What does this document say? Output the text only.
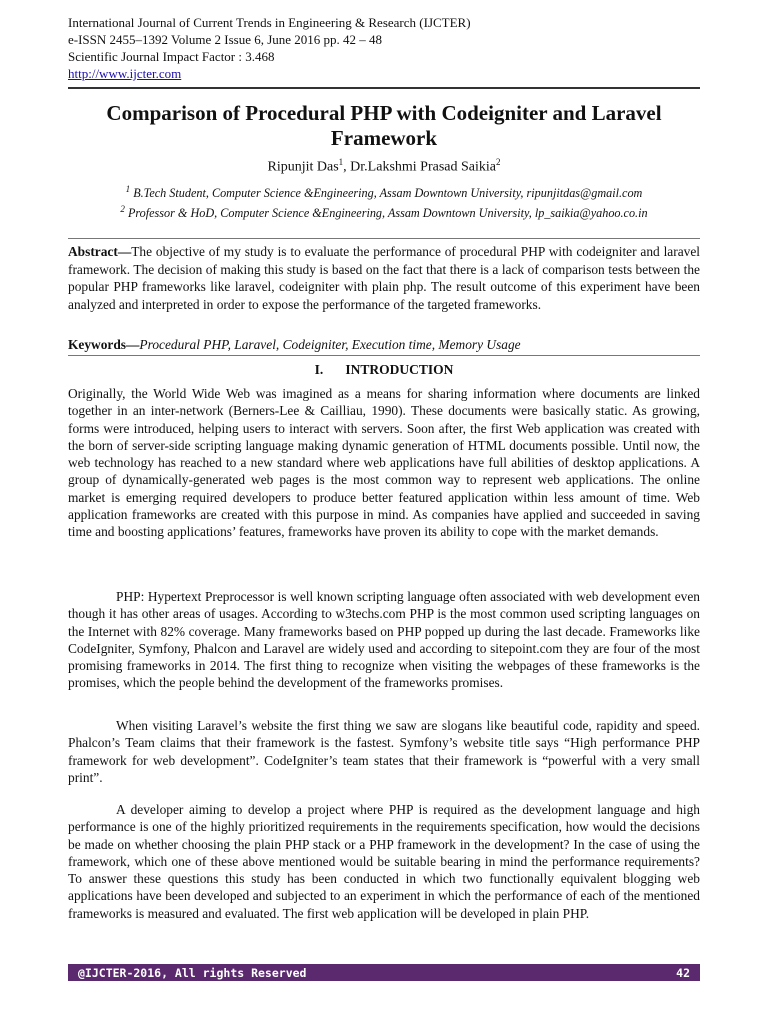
International Journal of Current Trends in Engineering & Research (IJCTER)
e-ISSN 2455–1392 Volume 2 Issue 6, June 2016 pp. 42 – 48
Scientific Journal Impact Factor : 3.468
http://www.ijcter.com
Comparison of Procedural PHP with Codeigniter and Laravel
Framework
Ripunjit Das$^1$, Dr.Lakshmi Prasad Saikia$^2$
$^1$ B.Tech Student, Computer Science &Engineering, Assam Downtown University, ripunjitdas@gmail.com
$^2$ Professor & HoD, Computer Science &Engineering, Assam Downtown University, lp_saikia@yahoo.co.in
Abstract—The objective of my study is to evaluate the performance of procedural PHP with codeigniter and laravel framework. The decision of making this study is based on the fact that there is a lack of comparison tests between the popular PHP frameworks like laravel, codeigniter with plain php. The result outcome of this experiment have been analyzed and interpreted in order to expose the performance of the targeted frameworks.
Keywords—Procedural PHP, Laravel, Codeigniter, Execution time, Memory Usage
I. INTRODUCTION
Originally, the World Wide Web was imagined as a means for sharing information where documents are linked together in an inter-network (Berners-Lee & Cailliau, 1990). These documents were basically static. As growing, forms were introduced, helping users to interact with servers. Soon after, the first Web application was created with the born of server-side scripting language making dynamic generation of HTML documents possible. Until now, the web technology has reached to a new standard where web applications have full abilities of desktop applications. A group of dynamically-generated web pages is the most common way to represent web applications. The online market is emerging required developers to produce better featured application within less amount of time. Web application frameworks are created with this purpose in mind. As companies have applied and succeeded in saving time and boosting applications’ features, frameworks have proven its ability to cope with the market demands.
PHP: Hypertext Preprocessor is well known scripting language often associated with web development even though it has other areas of usages. According to w3techs.com PHP is the most common used scripting languages on the Internet with 82% coverage. Many frameworks based on PHP popped up during the last decade. Frameworks like CodeIgniter, Symfony, Phalcon and Laravel are widely used and according to sitepoint.com they are four of the most promising frameworks in 2014. The first thing to recognize when visiting the webpages of these frameworks is the promises, which the people behind the development of the frameworks promises.
When visiting Laravel’s website the first thing we saw are slogans like beautiful code, rapidity and speed. Phalcon’s Team claims that their framework is the fastest. Symfony’s website title says “High performance PHP framework for web development”. CodeIgniter’s team states that their framework is “powerful with a very small print”.
A developer aiming to develop a project where PHP is required as the development language and high performance is one of the highly prioritized requirements in the requirements specification, how would the decisions be made on whether choosing the plain PHP stack or a PHP framework in the development? In the case of using the framework, which one of these above mentioned would be suitable bearing in mind the performance requirements? To answer these questions this study has been conducted in which two functionally equivalent blogging web applications have been developed and subjected to an experiment in which the performance of each of the mentioned frameworks is measured and evaluated. The first web application will be developed in plain PHP.
@IJCTER-2016, All rights Reserved	42
